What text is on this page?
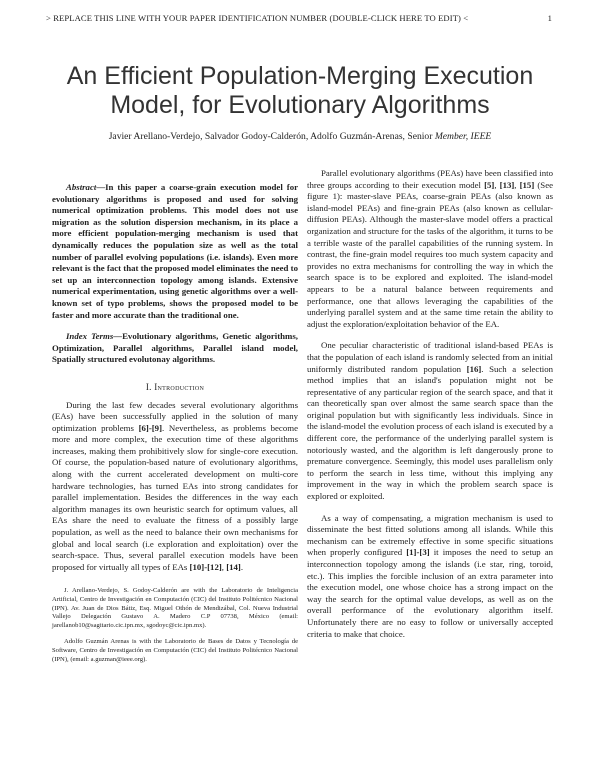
> REPLACE THIS LINE WITH YOUR PAPER IDENTIFICATION NUMBER (DOUBLE-CLICK HERE TO EDIT) <	1
An Efficient Population-Merging Execution
Model, for Evolutionary Algorithms
Javier Arellano-Verdejo, Salvador Godoy-Calderón, Adolfo Guzmán-Arenas, Senior Member, IEEE

Abstract—In this paper a coarse-grain execution model for evolutionary algorithms is proposed and used for solving numerical optimization problems. This model does not use migration as the solution dispersion mechanism, in its place a more efficient population-merging mechanism is used that dynamically reduces the population size as well as the total number of parallel evolving populations (i.e. islands). Even more relevant is the fact that the proposed model eliminates the need to set up an interconnection topology among islands. Extensive numerical experimentation, using genetic algorithms over a well-known set of typo problems, shows the proposed model to be faster and more accurate than the traditional one.

Index Terms—Evolutionary algorithms, Genetic algorithms, Optimization, Parallel algorithms, Parallel island model, Spatially structured evolutonay algorithms.

I. Introduction

During the last few decades several evolutionary algorithms (EAs) have been successfully applied in the solution of many optimization problems [6]-[9]. Nevertheless, as problems become more and more complex, the execution time of these algorithms increases, making them prohibitively slow for single-core execution. Of course, the population-based nature of evolutionary algorithms, along with the current accelerated development on multi-core hardware technologies, has turned EAs into strong candidates for parallel implementation. Besides the differences in the way each algorithm manages its own heuristic search for optimum values, all EAs share the need to evaluate the fitness of a possibly large population, as well as the need to balance their own mechanisms for global and local search (i.e exploration and exploitation) over the search-space. Thus, several parallel execution models have been proposed for virtually all types of EAs [10]-[12], [14].

J. Arellano-Verdejo, S. Godoy-Calderón are with the Laboratorio de Inteligencia Artificial, Centro de Investigación en Computación (CIC) del Instituto Politécnico Nacional (IPN). Av. Juan de Dios Bátiz, Esq. Miguel Othón de Mendizábal, Col. Nueva Industrial Vallejo Delegación Gustavo A. Madero C.P 07738, México (email: jarellanob10@sagitario.cic.ipn.mx, sgodoyc@cic.ipn.mx).

Adolfo Guzmán Arenas is with the Laboratorio de Bases de Datos y Tecnología de Software, Centro de Investigación en Computación (CIC) del Instituto Politécnico Nacional (IPN), (email: a.guzman@ieee.org).

Parallel evolutionary algorithms (PEAs) have been classified into three groups according to their execution model [5], [13], [15] (See figure 1): master-slave PEAs, coarse-grain PEAs (also known as island-model PEAs) and fine-grain PEAs (also known as cellular-diffusion PEAs). Although the master-slave model offers a practical organization and structure for the tasks of the algorithm, it turns to be a terrible waste of the parallel capabilities of the running system. In contrast, the fine-grain model requires too much system capacity and provides no extra mechanisms for controlling the way in which the search space is to be explored and exploited. The island-model appears to be a natural balance between requirements and performance, one that allows leveraging the capabilities of the underlying parallel system and at the same time retain the ability to adjust the exploration/exploitation behavior of the EA.

One peculiar characteristic of traditional island-based PEAs is that the population of each island is randomly selected from an initial uniformly distributed random population [16]. Such a selection method implies that an island's population might not be representative of any particular region of the search space, and that it can theoretically span over almost the same search space than the original population but with significantly less individuals. Since in the island-model the evolution process of each island is executed by a different core, the performance of the underlying parallel system is notoriously wasted, and the algorithm is left dangerously prone to premature convergence. Seemingly, this model uses parallelism only to perform the search in less time, without this implying any improvement in the way in which the problem search space is explored or exploited.

As a way of compensating, a migration mechanism is used to disseminate the best fitted solutions among all islands. While this mechanism can be extremely effective in some specific situations when properly configured [1]-[3] it imposes the need to setup an interconnection topology among the islands (i.e star, ring, toroid, etc.). This implies the forcible inclusion of an extra parameter into the execution model, one whose choice has a strong impact on the way the search for the optimal value develops, as well as on the overall performance of the evolutionary algorithm itself. Unfortunately there are no easy to follow or universally accepted criteria to make that choice.
